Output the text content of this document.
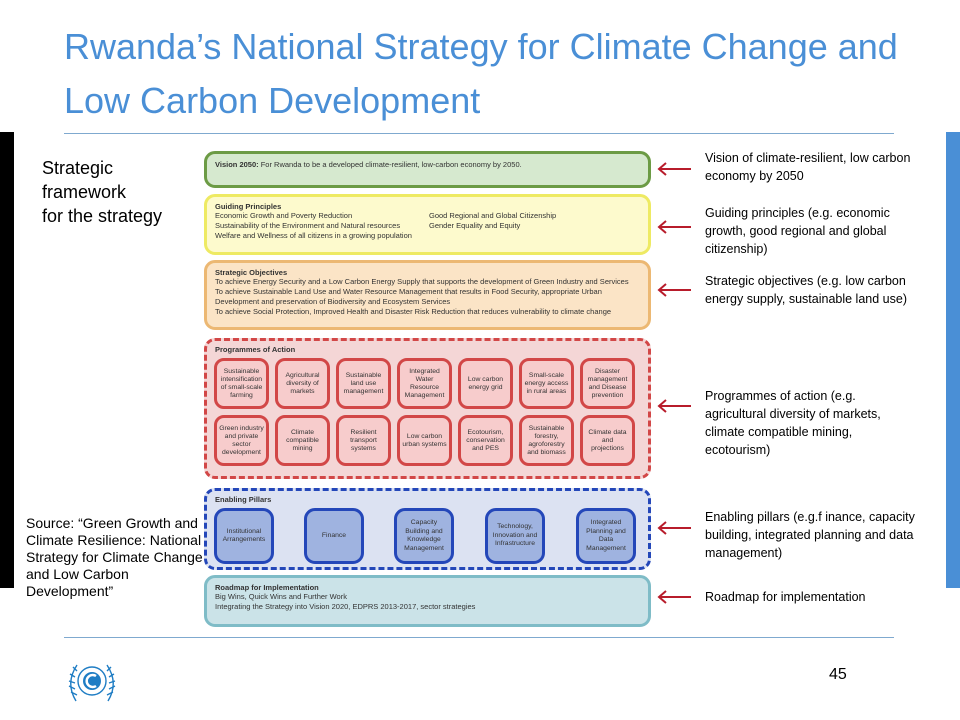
Rwanda’s National Strategy for Climate Change and Low Carbon Development
Strategic
framework
for the strategy
Source: “Green Growth and Climate Resilience: National Strategy for Climate Change and Low Carbon Development”
Vision 2050: For Rwanda to be a developed climate-resilient, low-carbon economy by 2050.
Guiding Principles
Economic Growth and Poverty Reduction
Sustainability of the Environment and Natural resources
Welfare and Wellness of all citizens in a growing population
Good Regional and Global Citizenship
Gender Equality and Equity
Strategic Objectives
To achieve Energy Security and a Low Carbon Energy Supply that supports the development of Green Industry and Services
To achieve Sustainable Land Use and Water Resource Management that results in Food Security, appropriate Urban Development and preservation of Biodiversity and Ecosystem Services
To achieve Social Protection, Improved Health and Disaster Risk Reduction that reduces vulnerability to climate change
Programmes of Action
Sustainable intensification of small-scale farming
Agricultural diversity of markets
Sustainable land use management
Integrated Water Resource Management
Low carbon energy grid
Small-scale energy access in rural areas
Disaster management and Disease prevention
Green industry and private sector development
Climate compatible mining
Resilient transport systems
Low carbon urban systems
Ecotourism, conservation and PES
Sustainable forestry, agroforestry and biomass
Climate data and projections
Enabling Pillars
Institutional Arrangements
Finance
Capacity Building and Knowledge Management
Technology, Innovation and Infrastructure
Integrated Planning and Data Management
Roadmap for Implementation
Big Wins, Quick Wins and Further Work
Integrating the Strategy into Vision 2020, EDPRS 2013-2017, sector strategies
Vision of climate-resilient, low carbon economy by 2050
Guiding principles (e.g. economic growth, good regional and global citizenship)
Strategic objectives (e.g. low carbon energy supply, sustainable land use)
Programmes of action (e.g. agricultural diversity of markets, climate compatible mining, ecotourism)
Enabling pillars (e.g.f inance, capacity building, integrated planning and data management)
Roadmap for implementation
45
